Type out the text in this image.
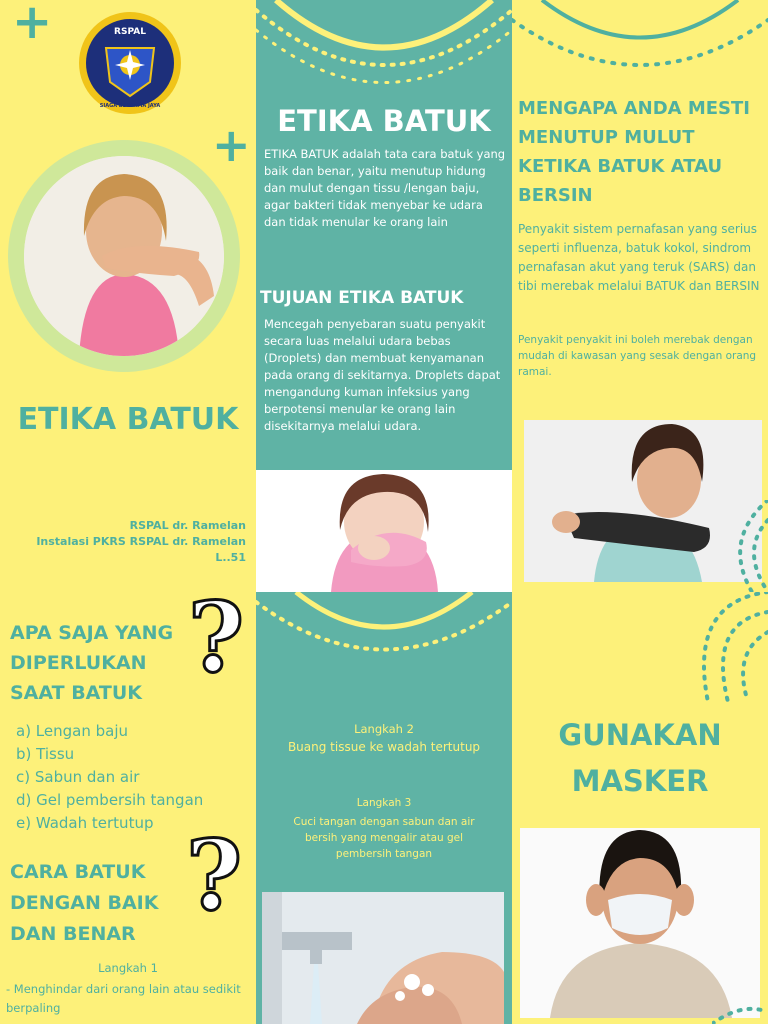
+
+
RSPAL
SIAGA BERSAMA JAYA
ETIKA BATUK
RSPAL dr. Ramelan
Instalasi PKRS RSPAL dr. Ramelan
L..51
ETIKA BATUK

ETIKA BATUK adalah tata cara batuk yang baik dan benar, yaitu menutup hidung dan mulut dengan tissu /lengan baju, agar bakteri tidak menyebar ke udara dan tidak menular ke orang lain

TUJUAN ETIKA BATUK

Mencegah penyebaran suatu penyakit secara luas melalui udara bebas (Droplets) dan membuat kenyamanan pada orang di sekitarnya. Droplets dapat mengandung kuman infeksius yang berpotensi menular ke orang lain disekitarnya melalui udara.

MENGAPA ANDA MESTI MENUTUP MULUT KETIKA BATUK ATAU BERSIN

Penyakit sistem pernafasan yang serius seperti influenza, batuk kokol, sindrom pernafasan akut yang teruk (SARS) dan tibi merebak melalui BATUK dan BERSIN

Penyakit penyakit ini boleh merebak dengan mudah di kawasan yang sesak dengan orang ramai.

APA SAJA YANG DIPERLUKAN SAAT BATUK ?
a) Lengan baju
b) Tissu
c) Sabun dan air
d) Gel pembersih tangan
e) Wadah tertutup
CARA BATUK DENGAN BAIK DAN BENAR
?
Langkah 1
- Menghindar dari orang lain atau sedikit berpaling
Langkah 2
Buang tissue ke wadah tertutup
Langkah 3
Cuci tangan dengan sabun dan air bersih yang mengalir atau gel pembersih tangan
GUNAKAN MASKER
